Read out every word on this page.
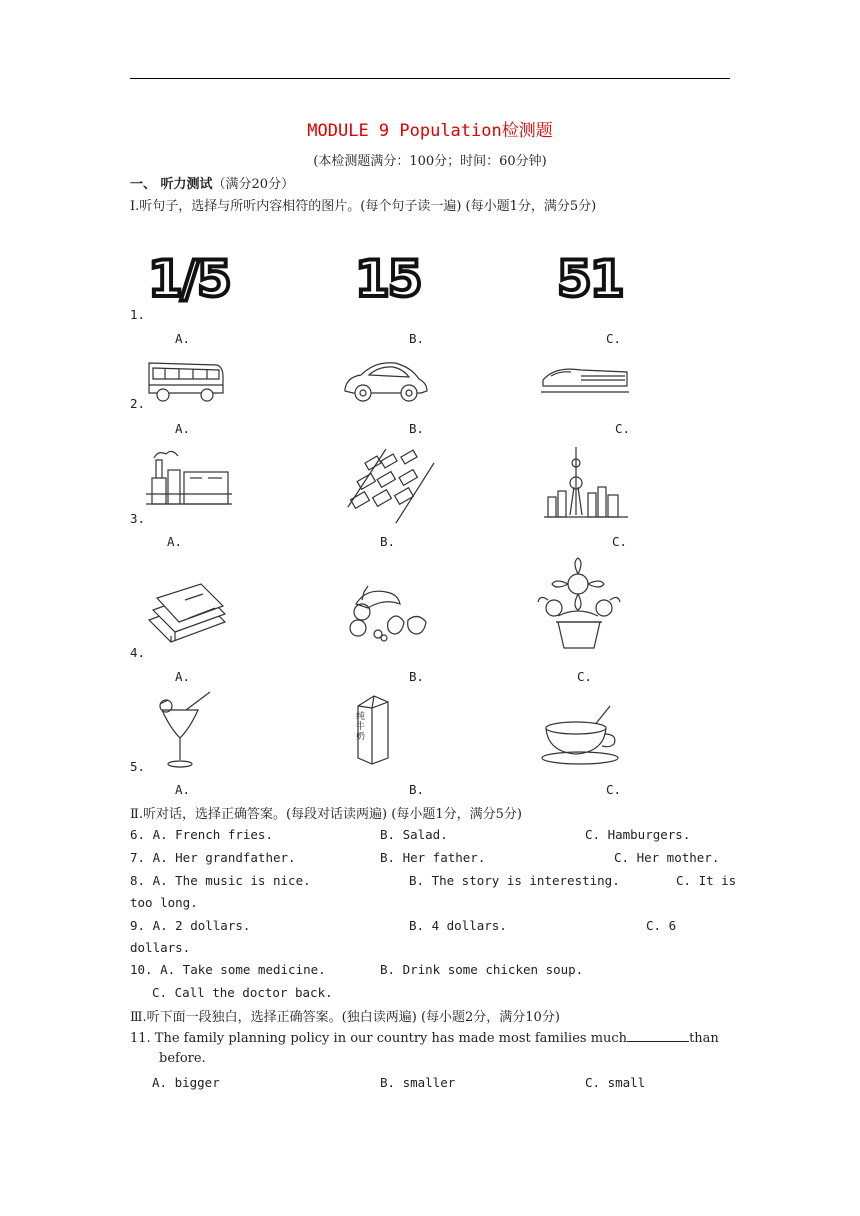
MODULE 9 Population检测题
(本检测题满分：100分；时间：60分钟)
一、 听力测试（满分20分）
Ⅰ.听句子，选择与所听内容相符的图片。(每个句子读一遍) (每小题1分，满分5分)
1/5	15	51
1.
A.	B.	C.
2.
A.	B.	C.
3.
A.	B.	C.
4.
A.	B.	C.
纯牛奶
5.
A.	B.	C.
Ⅱ.听对话，选择正确答案。(每段对话读两遍) (每小题1分，满分5分)
6. A. French fries.	B. Salad.	C. Hamburgers.
7. A. Her grandfather.	B. Her father.	C. Her mother.
8. A. The music is nice.	B. The story is interesting.	C. It is
too long.
9. A. 2 dollars.	B. 4 dollars.	C. 6
dollars.
10. A. Take some medicine.	B. Drink some chicken soup.
C. Call the doctor back.
Ⅲ.听下面一段独白，选择正确答案。(独白读两遍) (每小题2分，满分10分)
11. The family planning policy in our country has made most families much	than
before.
A. bigger	B. smaller	C. small
